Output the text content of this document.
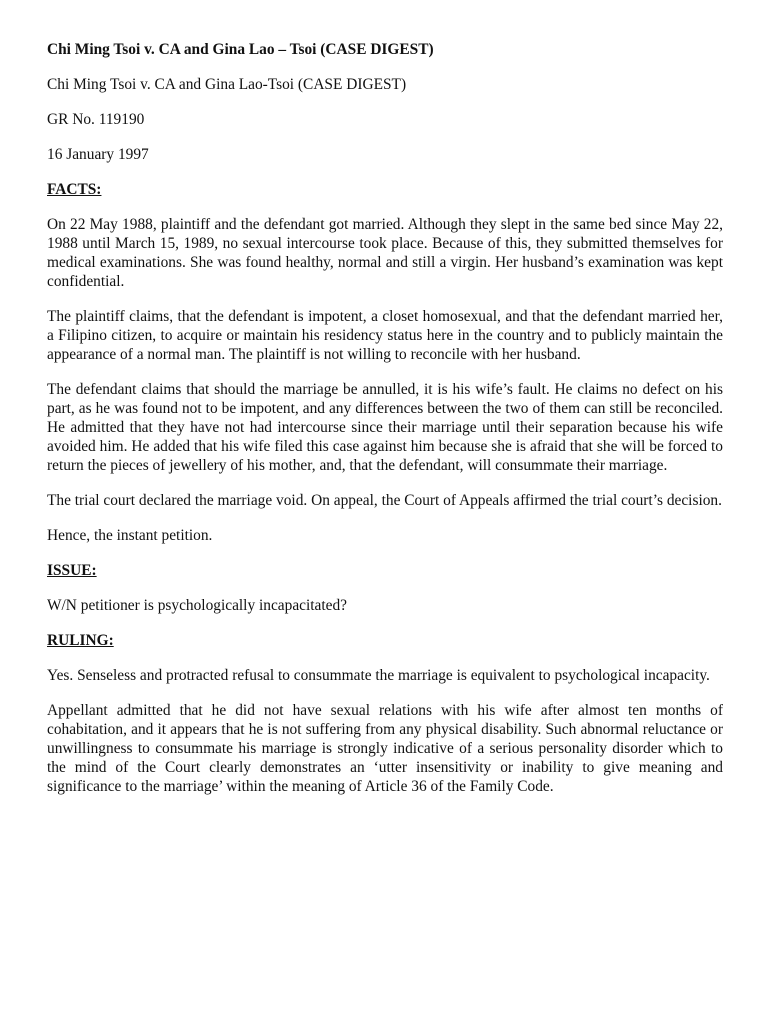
Chi Ming Tsoi v. CA and Gina Lao – Tsoi (CASE DIGEST)

Chi Ming Tsoi v. CA and Gina Lao-Tsoi (CASE DIGEST)

GR No. 119190

16 January 1997

FACTS:

On 22 May 1988, plaintiff and the defendant got married. Although they slept in the same bed since May 22, 1988 until March 15, 1989, no sexual intercourse took place. Because of this, they submitted themselves for medical examinations. She was found healthy, normal and still a virgin. Her husband’s examination was kept confidential.

The plaintiff claims, that the defendant is impotent, a closet homosexual, and that the defendant married her, a Filipino citizen, to acquire or maintain his residency status here in the country and to publicly maintain the appearance of a normal man. The plaintiff is not willing to reconcile with her husband.

The defendant claims that should the marriage be annulled, it is his wife’s fault. He claims no defect on his part, as he was found not to be impotent, and any differences between the two of them can still be reconciled. He admitted that they have not had intercourse since their marriage until their separation because his wife avoided him. He added that his wife filed this case against him because she is afraid that she will be forced to return the pieces of jewellery of his mother, and, that the defendant, will consummate their marriage.

The trial court declared the marriage void. On appeal, the Court of Appeals affirmed the trial court’s decision.

Hence, the instant petition.

ISSUE:

W/N petitioner is psychologically incapacitated?

RULING:

Yes. Senseless and protracted refusal to consummate the marriage is equivalent to psychological incapacity.

Appellant admitted that he did not have sexual relations with his wife after almost ten months of cohabitation, and it appears that he is not suffering from any physical disability. Such abnormal reluctance or unwillingness to consummate his marriage is strongly indicative of a serious personality disorder which to the mind of the Court clearly demonstrates an ‘utter insensitivity or inability to give meaning and significance to the marriage’ within the meaning of Article 36 of the Family Code.
